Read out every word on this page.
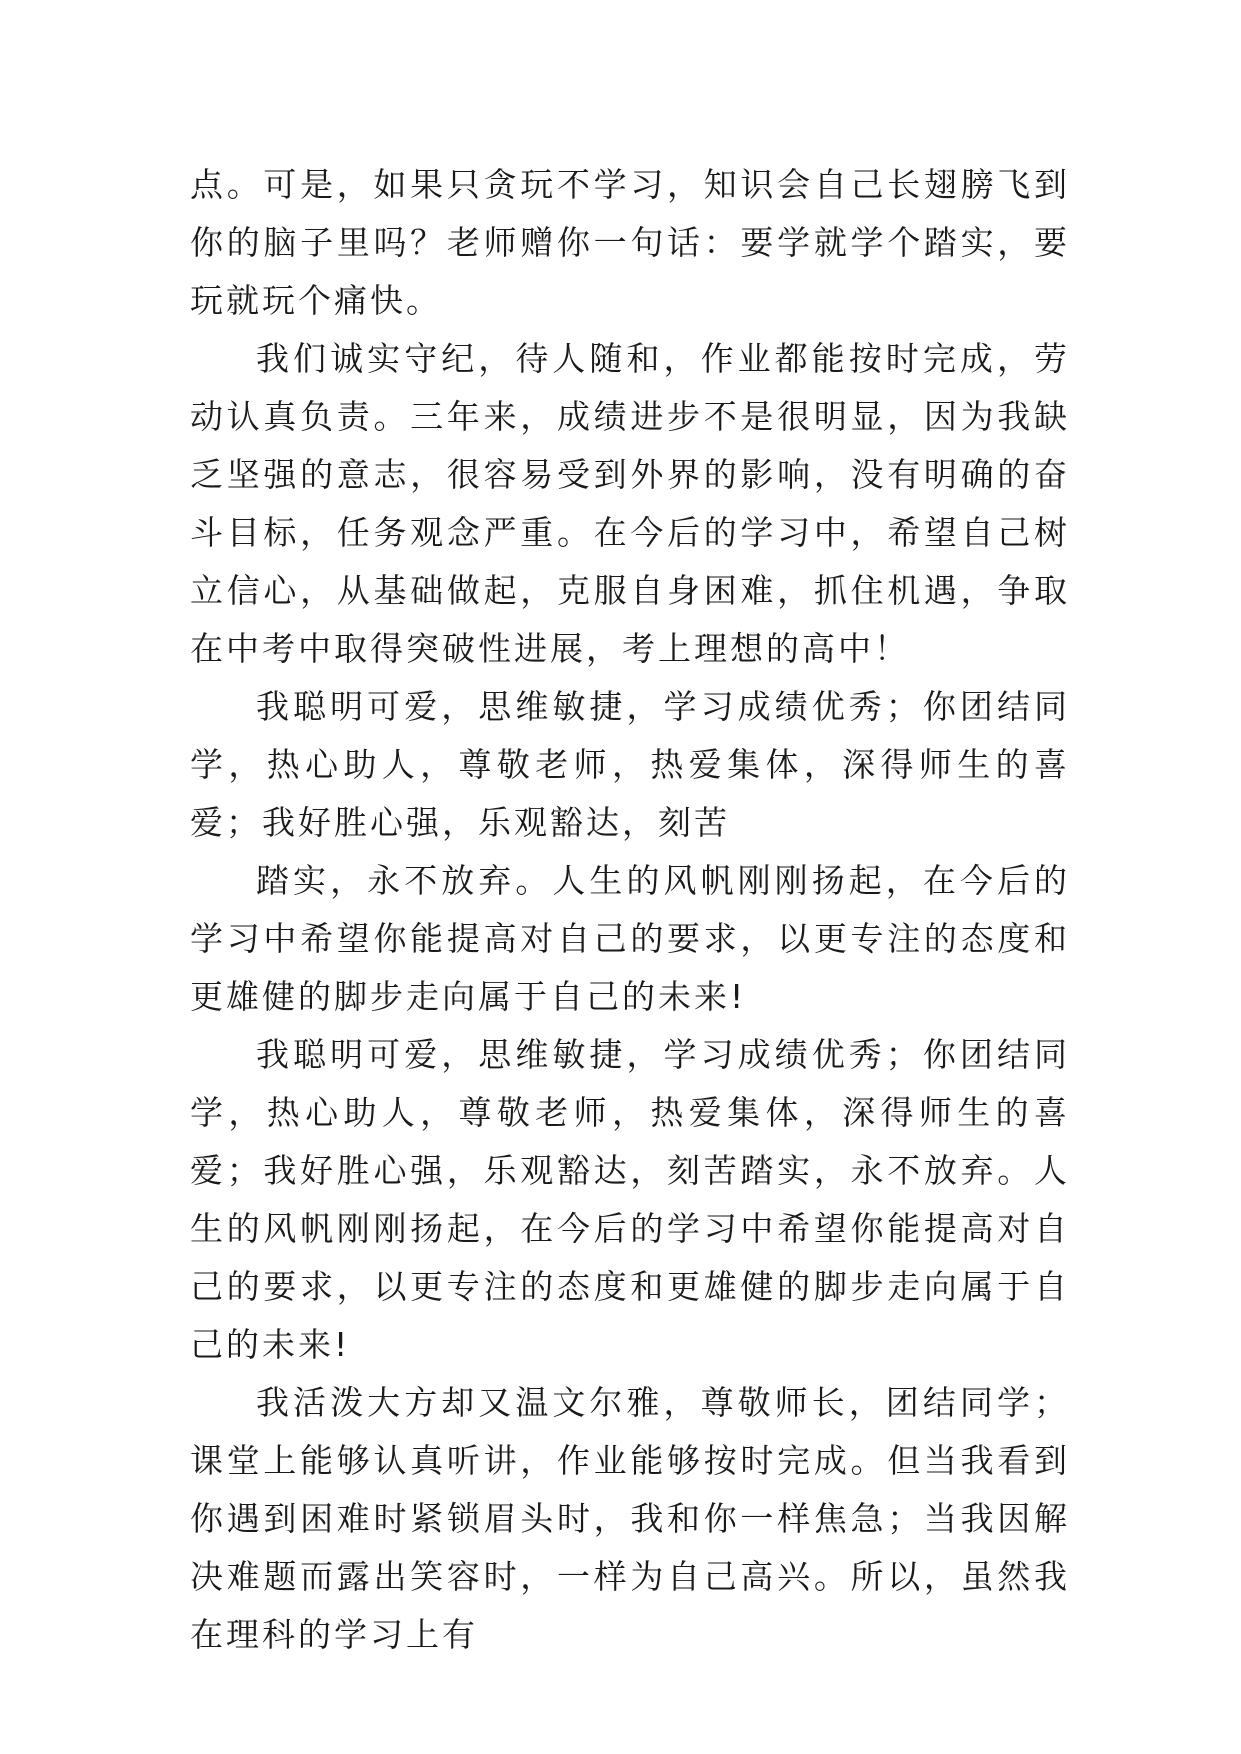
点。可是，如果只贪玩不学习，知识会自己长翅膀飞到你的脑子里吗？老师赠你一句话：要学就学个踏实，要玩就玩个痛快。

我们诚实守纪，待人随和，作业都能按时完成，劳动认真负责。三年来，成绩进步不是很明显，因为我缺乏坚强的意志，很容易受到外界的影响，没有明确的奋斗目标，任务观念严重。在今后的学习中，希望自己树立信心，从基础做起，克服自身困难，抓住机遇，争取在中考中取得突破性进展，考上理想的高中！

我聪明可爱，思维敏捷，学习成绩优秀；你团结同学，热心助人，尊敬老师，热爱集体，深得师生的喜爱；我好胜心强，乐观豁达，刻苦

踏实，永不放弃。人生的风帆刚刚扬起，在今后的学习中希望你能提高对自己的要求，以更专注的态度和更雄健的脚步走向属于自己的未来!

我聪明可爱，思维敏捷，学习成绩优秀；你团结同学，热心助人，尊敬老师，热爱集体，深得师生的喜爱；我好胜心强，乐观豁达，刻苦踏实，永不放弃。人生的风帆刚刚扬起，在今后的学习中希望你能提高对自己的要求，以更专注的态度和更雄健的脚步走向属于自己的未来!

我活泼大方却又温文尔雅，尊敬师长，团结同学；课堂上能够认真听讲，作业能够按时完成。但当我看到你遇到困难时紧锁眉头时，我和你一样焦急；当我因解决难题而露出笑容时，一样为自己高兴。所以，虽然我在理科的学习上有
